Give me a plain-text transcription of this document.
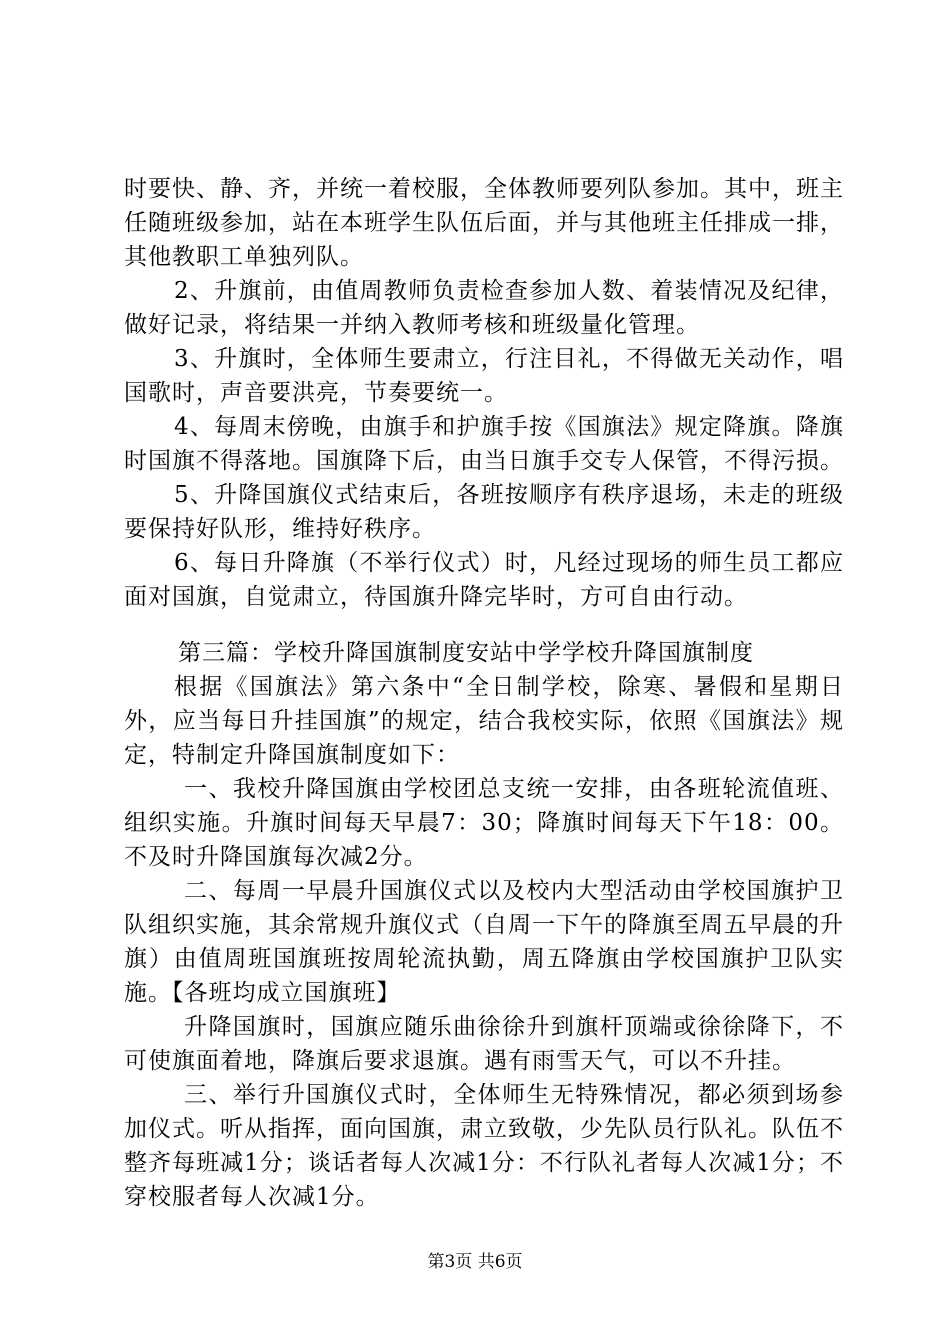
时要快、静、齐，并统一着校服，全体教师要列队参加。其中，班主任随班级参加，站在本班学生队伍后面，并与其他班主任排成一排，其他教职工单独列队。

2、升旗前，由值周教师负责检查参加人数、着装情况及纪律，做好记录，将结果一并纳入教师考核和班级量化管理。

3、升旗时，全体师生要肃立，行注目礼，不得做无关动作，唱国歌时，声音要洪亮，节奏要统一。

4、每周末傍晚，由旗手和护旗手按《国旗法》规定降旗。降旗时国旗不得落地。国旗降下后，由当日旗手交专人保管，不得污损。

5、升降国旗仪式结束后，各班按顺序有秩序退场，未走的班级要保持好队形，维持好秩序。

6、每日升降旗（不举行仪式）时，凡经过现场的师生员工都应面对国旗，自觉肃立，待国旗升降完毕时，方可自由行动。

第三篇：学校升降国旗制度安站中学学校升降国旗制度

根据《国旗法》第六条中“全日制学校，除寒、暑假和星期日外，应当每日升挂国旗”的规定，结合我校实际，依照《国旗法》规定，特制定升降国旗制度如下：

一、我校升降国旗由学校团总支统一安排，由各班轮流值班、组织实施。升旗时间每天早晨7：30；降旗时间每天下午18：00。不及时升降国旗每次减2分。

二、每周一早晨升国旗仪式以及校内大型活动由学校国旗护卫队组织实施，其余常规升旗仪式（自周一下午的降旗至周五早晨的升旗）由值周班国旗班按周轮流执勤，周五降旗由学校国旗护卫队实施。【各班均成立国旗班】

升降国旗时，国旗应随乐曲徐徐升到旗杆顶端或徐徐降下，不可使旗面着地，降旗后要求退旗。遇有雨雪天气，可以不升挂。

三、举行升国旗仪式时，全体师生无特殊情况，都必须到场参加仪式。听从指挥，面向国旗，肃立致敬，少先队员行队礼。队伍不整齐每班减1分；谈话者每人次减1分：不行队礼者每人次减1分；不穿校服者每人次减1分。

第3页 共6页
